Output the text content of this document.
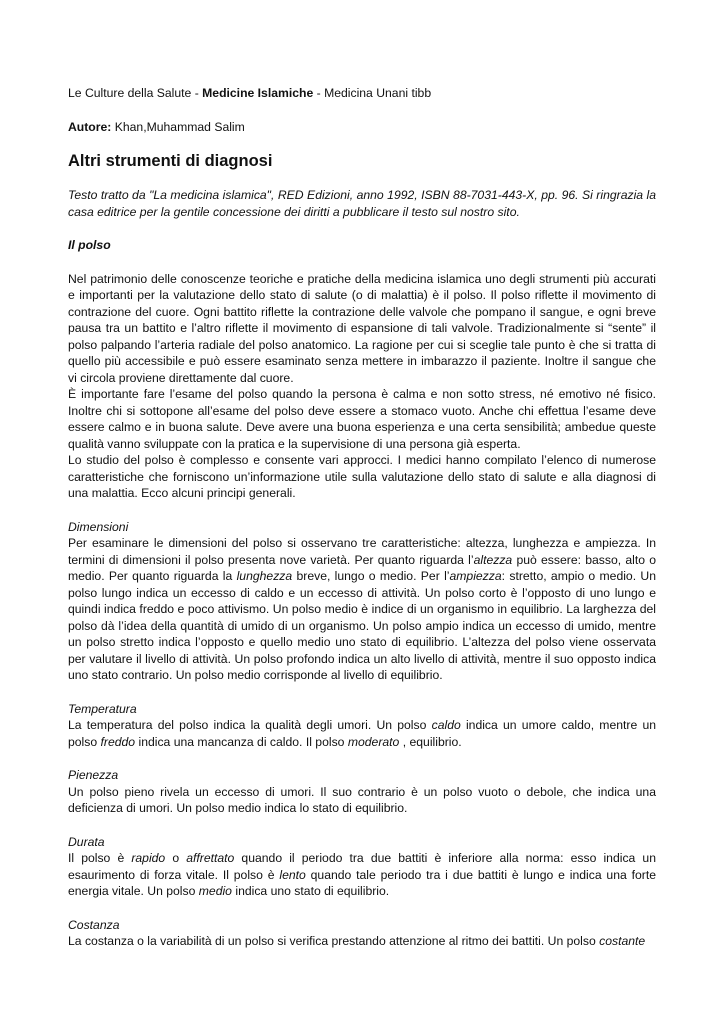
Le Culture della Salute - Medicine Islamiche - Medicina Unani tibb

Autore: Khan,Muhammad Salim

Altri strumenti di diagnosi

Testo tratto da "La medicina islamica", RED Edizioni, anno 1992, ISBN 88-7031-443-X, pp. 96. Si ringrazia la casa editrice per la gentile concessione dei diritti a pubblicare il testo sul nostro sito.

Il polso

Nel patrimonio delle conoscenze teoriche e pratiche della medicina islamica uno degli strumenti più accurati e importanti per la valutazione dello stato di salute (o di malattia) è il polso. Il polso riflette il movimento di contrazione del cuore. Ogni battito riflette la contrazione delle valvole che pompano il sangue, e ogni breve pausa tra un battito e l’altro riflette il movimento di espansione di tali valvole. Tradizionalmente si “sente” il polso palpando l’arteria radiale del polso anatomico. La ragione per cui si sceglie tale punto è che si tratta di quello più accessibile e può essere esaminato senza mettere in imbarazzo il paziente. Inoltre il sangue che vi circola proviene direttamente dal cuore.

È importante fare l’esame del polso quando la persona è calma e non sotto stress, né emotivo né fisico. Inoltre chi si sottopone all’esame del polso deve essere a stomaco vuoto. Anche chi effettua l’esame deve essere calmo e in buona salute. Deve avere una buona esperienza e una certa sensibilità; ambedue queste qualità vanno sviluppate con la pratica e la supervisione di una persona già esperta.

Lo studio del polso è complesso e consente vari approcci. I medici hanno compilato l’elenco di numerose caratteristiche che forniscono un’informazione utile sulla valutazione dello stato di salute e alla diagnosi di una malattia. Ecco alcuni principi generali.

Dimensioni

Per esaminare le dimensioni del polso si osservano tre caratteristiche: altezza, lunghezza e ampiezza. In termini di dimensioni il polso presenta nove varietà. Per quanto riguarda l’altezza può essere: basso, alto o medio. Per quanto riguarda la lunghezza breve, lungo o medio. Per l’ampiezza: stretto, ampio o medio. Un polso lungo indica un eccesso di caldo e un eccesso di attività. Un polso corto è l’opposto di uno lungo e quindi indica freddo e poco attivismo. Un polso medio è indice di un organismo in equilibrio. La larghezza del polso dà l’idea della quantità di umido di un organismo. Un polso ampio indica un eccesso di umido, mentre un polso stretto indica l’opposto e quello medio uno stato di equilibrio. L’altezza del polso viene osservata per valutare il livello di attività. Un polso profondo indica un alto livello di attività, mentre il suo opposto indica uno stato contrario. Un polso medio corrisponde al livello di equilibrio.

Temperatura

La temperatura del polso indica la qualità degli umori. Un polso caldo indica un umore caldo, mentre un polso freddo indica una mancanza di caldo. Il polso moderato , equilibrio.

Pienezza

Un polso pieno rivela un eccesso di umori. Il suo contrario è un polso vuoto o debole, che indica una deficienza di umori. Un polso medio indica lo stato di equilibrio.

Durata

Il polso è rapido o affrettato quando il periodo tra due battiti è inferiore alla norma: esso indica un esaurimento di forza vitale. Il polso è lento quando tale periodo tra i due battiti è lungo e indica una forte energia vitale. Un polso medio indica uno stato di equilibrio.

Costanza

La costanza o la variabilità di un polso si verifica prestando attenzione al ritmo dei battiti. Un polso costante
